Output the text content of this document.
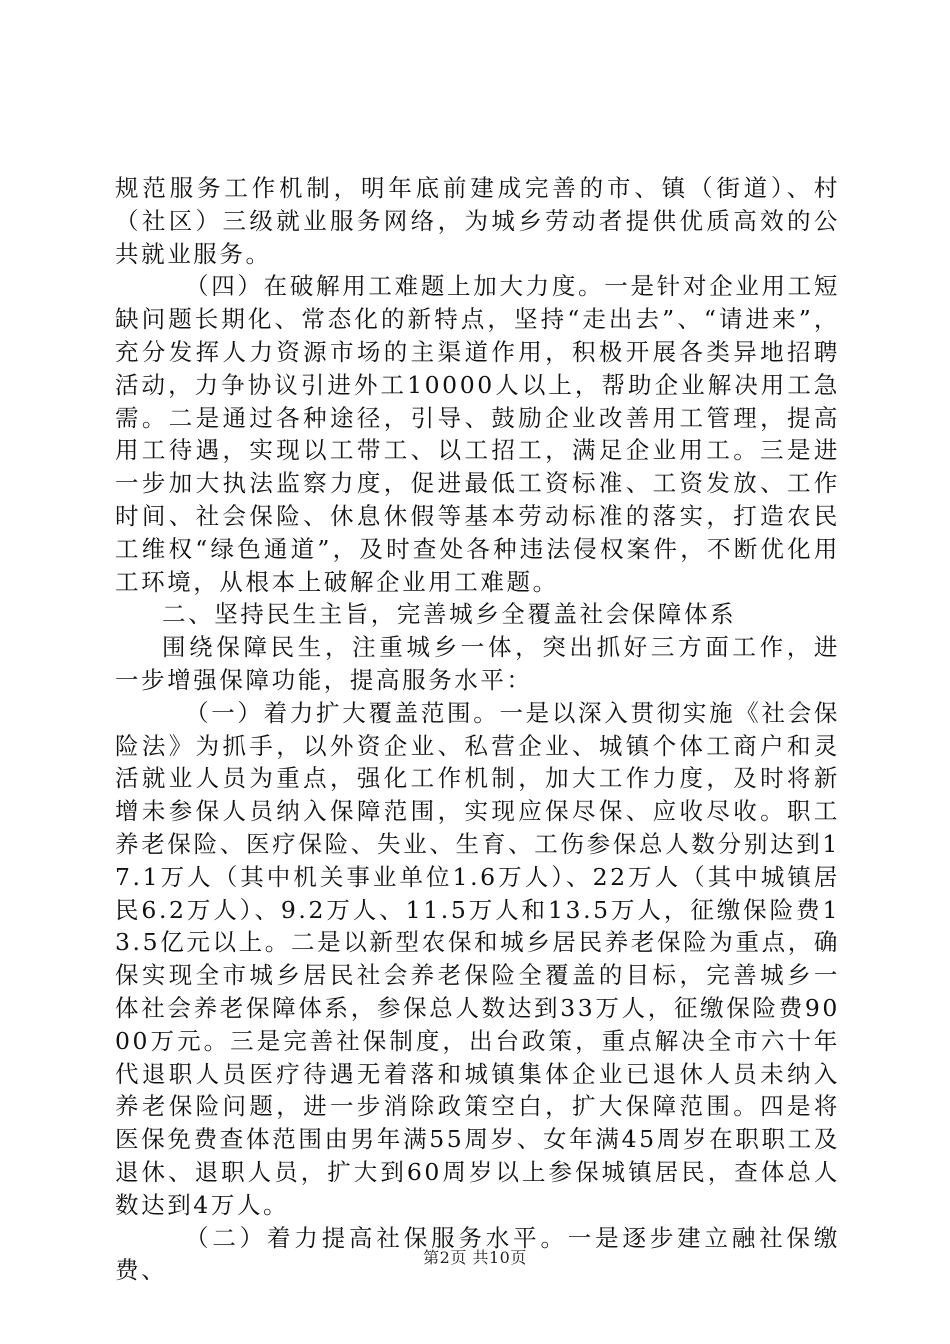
规范服务工作机制，明年底前建成完善的市、镇（街道）、村（社区）三级就业服务网络，为城乡劳动者提供优质高效的公共就业服务。

（四）在破解用工难题上加大力度。一是针对企业用工短缺问题长期化、常态化的新特点，坚持“走出去”、“请进来”，充分发挥人力资源市场的主渠道作用，积极开展各类异地招聘活动，力争协议引进外工10000人以上，帮助企业解决用工急需。二是通过各种途径，引导、鼓励企业改善用工管理，提高用工待遇，实现以工带工、以工招工，满足企业用工。三是进一步加大执法监察力度，促进最低工资标准、工资发放、工作时间、社会保险、休息休假等基本劳动标准的落实，打造农民工维权“绿色通道”，及时查处各种违法侵权案件，不断优化用工环境，从根本上破解企业用工难题。

二、坚持民生主旨，完善城乡全覆盖社会保障体系

围绕保障民生，注重城乡一体，突出抓好三方面工作，进一步增强保障功能，提高服务水平：

（一）着力扩大覆盖范围。一是以深入贯彻实施《社会保险法》为抓手，以外资企业、私营企业、城镇个体工商户和灵活就业人员为重点，强化工作机制，加大工作力度，及时将新增未参保人员纳入保障范围，实现应保尽保、应收尽收。职工养老保险、医疗保险、失业、生育、工伤参保总人数分别达到17.1万人（其中机关事业单位1.6万人）、22万人（其中城镇居民6.2万人）、9.2万人、11.5万人和13.5万人，征缴保险费13.5亿元以上。二是以新型农保和城乡居民养老保险为重点，确保实现全市城乡居民社会养老保险全覆盖的目标，完善城乡一体社会养老保障体系，参保总人数达到33万人，征缴保险费9000万元。三是完善社保制度，出台政策，重点解决全市六十年代退职人员医疗待遇无着落和城镇集体企业已退休人员未纳入养老保险问题，进一步消除政策空白，扩大保障范围。四是将医保免费查体范围由男年满55周岁、女年满45周岁在职职工及退休、退职人员，扩大到60周岁以上参保城镇居民，查体总人数达到4万人。

（二）着力提高社保服务水平。一是逐步建立融社保缴费、	第2页 共10页
